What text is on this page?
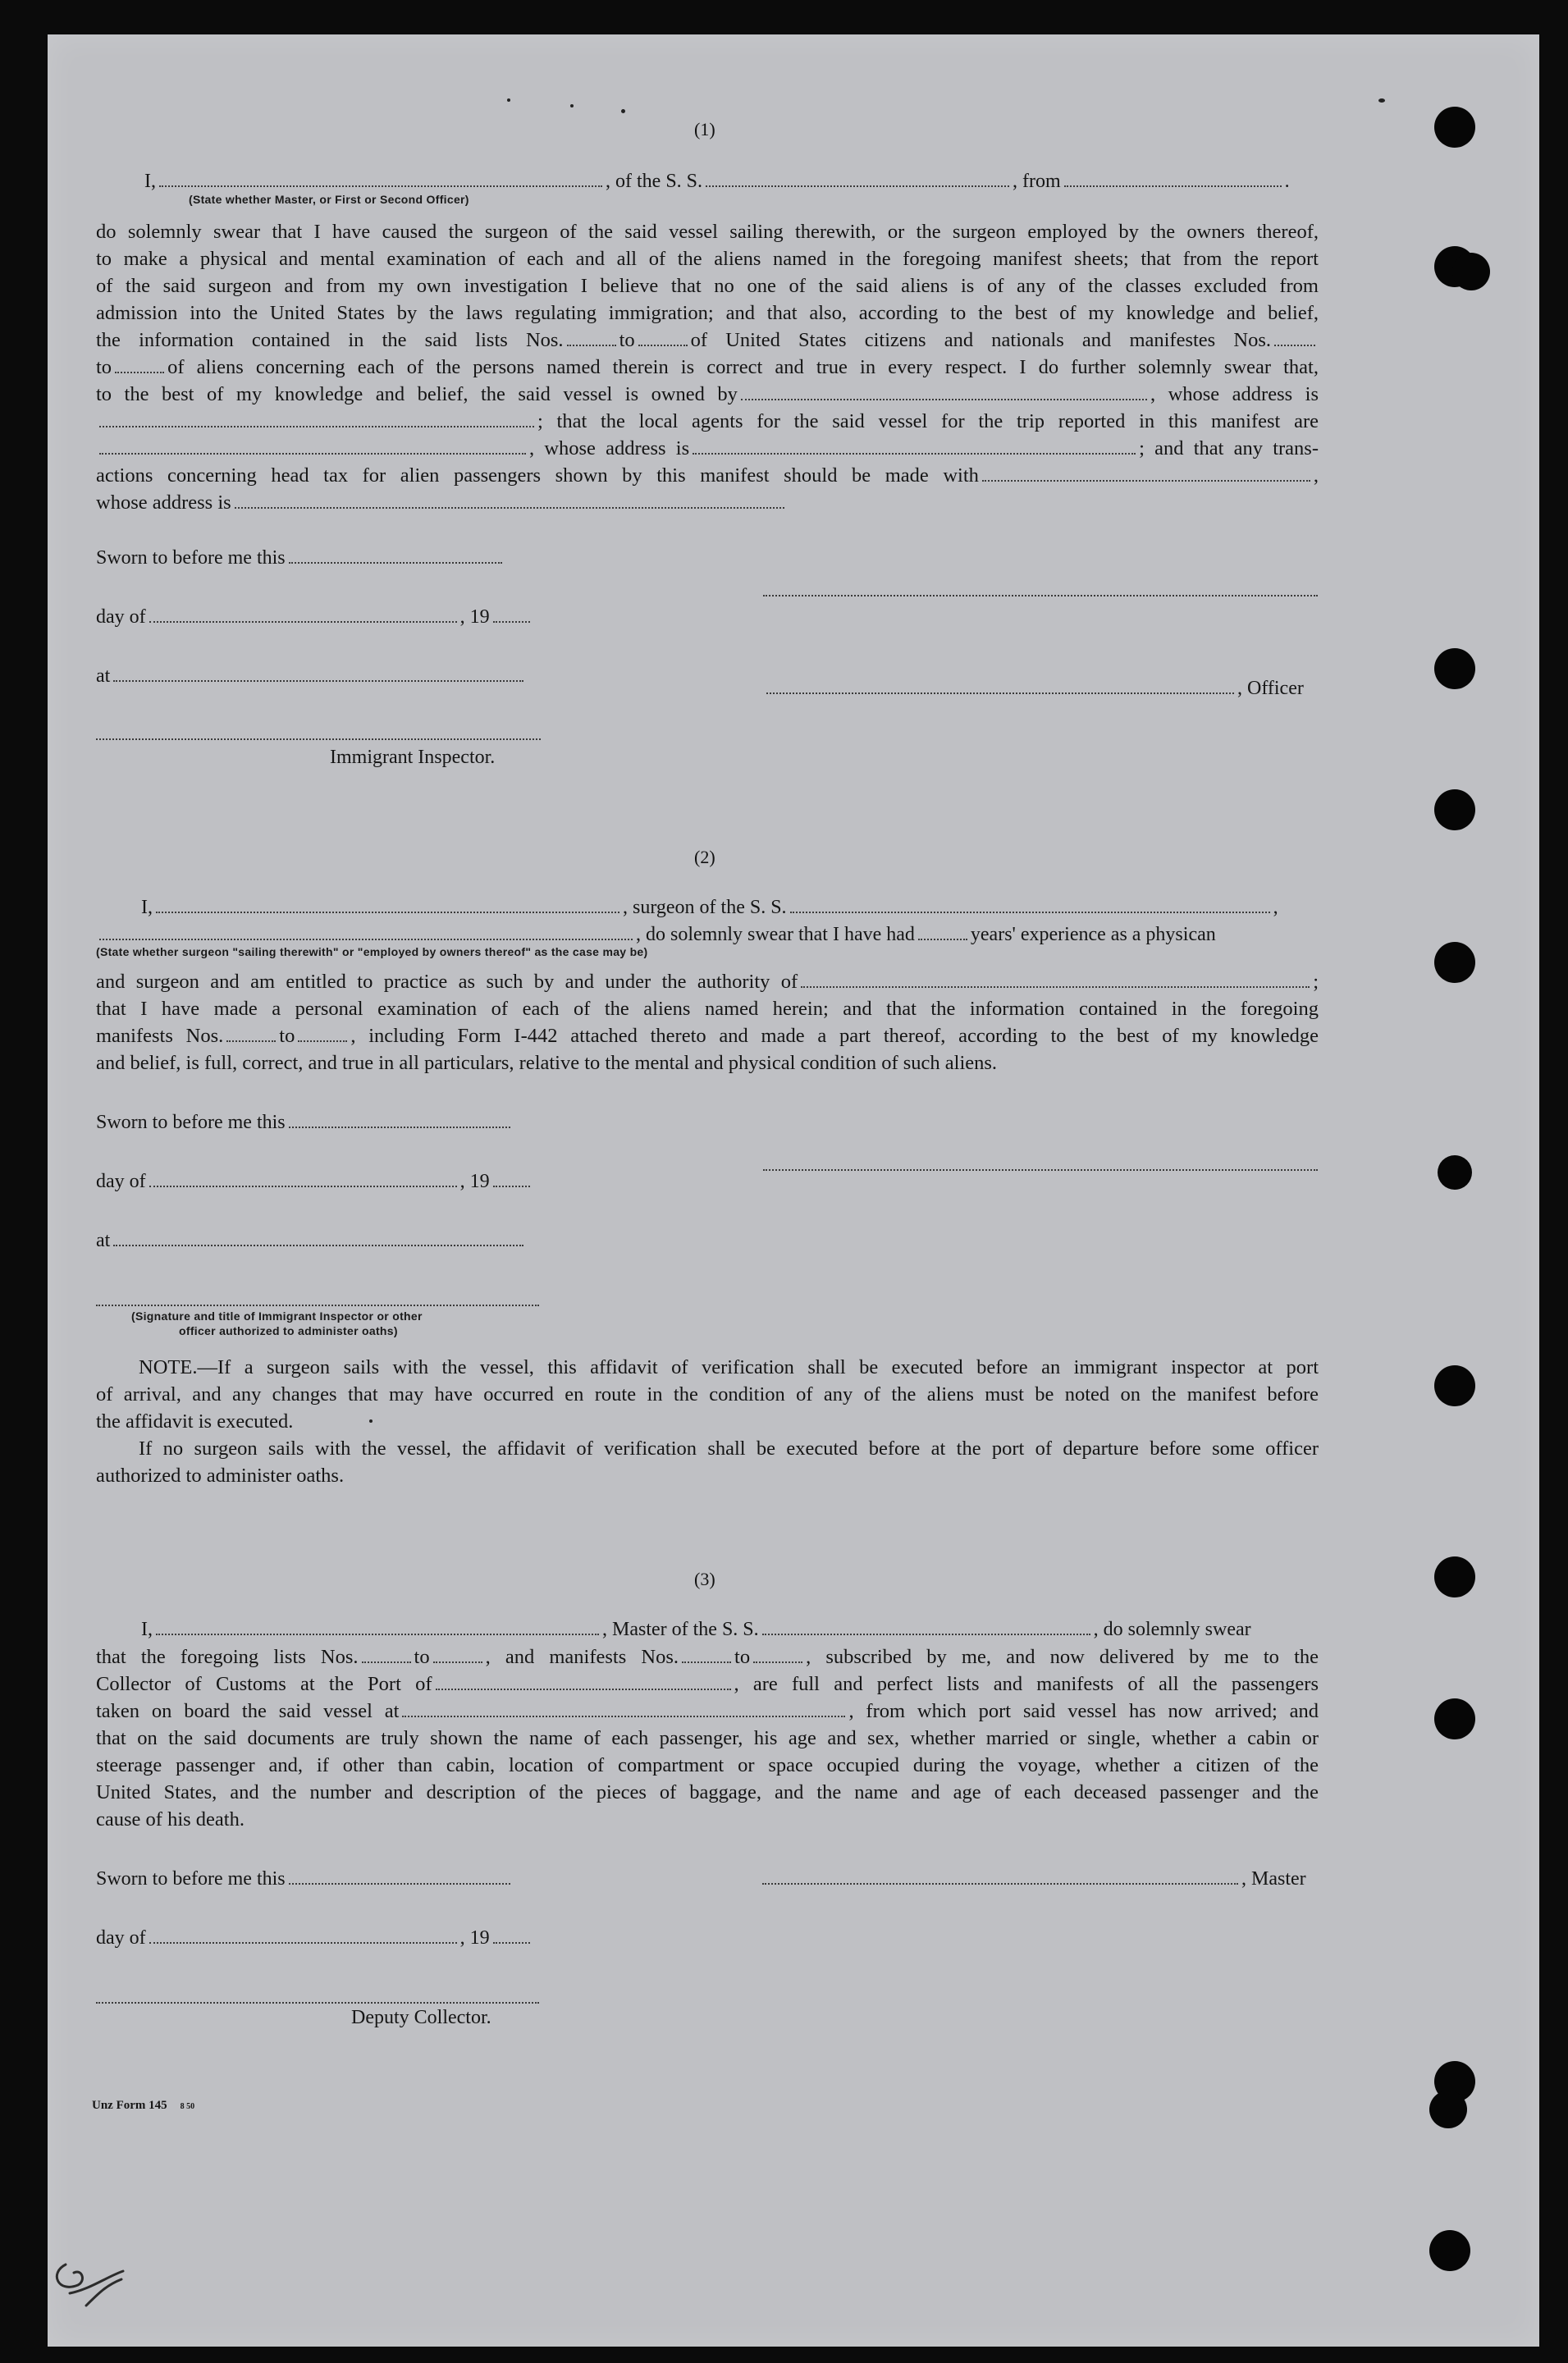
(1)
I,	, of the S. S.	, from	.
(State whether Master, or First or Second Officer)
do solemnly swear that I have caused the surgeon of the said vessel sailing therewith, or the surgeon employed by the owners thereof,
to make a physical and mental examination of each and all of the aliens named in the foregoing manifest sheets; that from the report
of the said surgeon and from my own investigation I believe that no one of the said aliens is of any of the classes excluded from
admission into the United States by the laws regulating immigration; and that also, according to the best of my knowledge and belief,
the information contained in the said lists Nos.	to	of United States citizens and nationals and manifestes Nos.
to	of aliens concerning each of the persons named therein is correct and true in every respect. I do further solemnly swear that,
to the best of my knowledge and belief, the said vessel is owned by	, whose address is
; that the local agents for the said vessel for the trip reported in this manifest are
, whose address is	; and that any trans-
actions concerning head tax for alien passengers shown by this manifest should be made with	,
whose address is
Sworn to before me this
day of	, 19
at
, Officer
Immigrant Inspector.
(2)
I,	, surgeon of the S. S.	,
, do solemnly swear that I have had	years' experience as a physican
(State whether surgeon "sailing therewith" or "employed by owners thereof" as the case may be)
and surgeon and am entitled to practice as such by and under the authority of	;
that I have made a personal examination of each of the aliens named herein; and that the information contained in the foregoing
manifests Nos.	to	, including Form I-442 attached thereto and made a part thereof, according to the best of my knowledge
and belief, is full, correct, and true in all particulars, relative to the mental and physical condition of such aliens.
Sworn to before me this
day of	, 19
at
(Signature and title of Immigrant Inspector or other
officer authorized to administer oaths)
NOTE.—If a surgeon sails with the vessel, this affidavit of verification shall be executed before an immigrant inspector at port
of arrival, and any changes that may have occurred en route in the condition of any of the aliens must be noted on the manifest before
the affidavit is executed.
If no surgeon sails with the vessel, the affidavit of verification shall be executed before at the port of departure before some officer
authorized to administer oaths.
(3)
I,	, Master of the S. S.	, do solemnly swear
that the foregoing lists Nos.	to	, and manifests Nos.	to	, subscribed by me, and now delivered by me to the
Collector of Customs at the Port of	, are full and perfect lists and manifests of all the passengers
taken on board the said vessel at	, from which port said vessel has now arrived; and
that on the said documents are truly shown the name of each passenger, his age and sex, whether married or single, whether a cabin or
steerage passenger and, if other than cabin, location of compartment or space occupied during the voyage, whether a citizen of the
United States, and the number and description of the pieces of baggage, and the name and age of each deceased passenger and the
cause of his death.
Sworn to before me this	, Master
day of	, 19
Deputy Collector.
Unz Form 145 8 50
